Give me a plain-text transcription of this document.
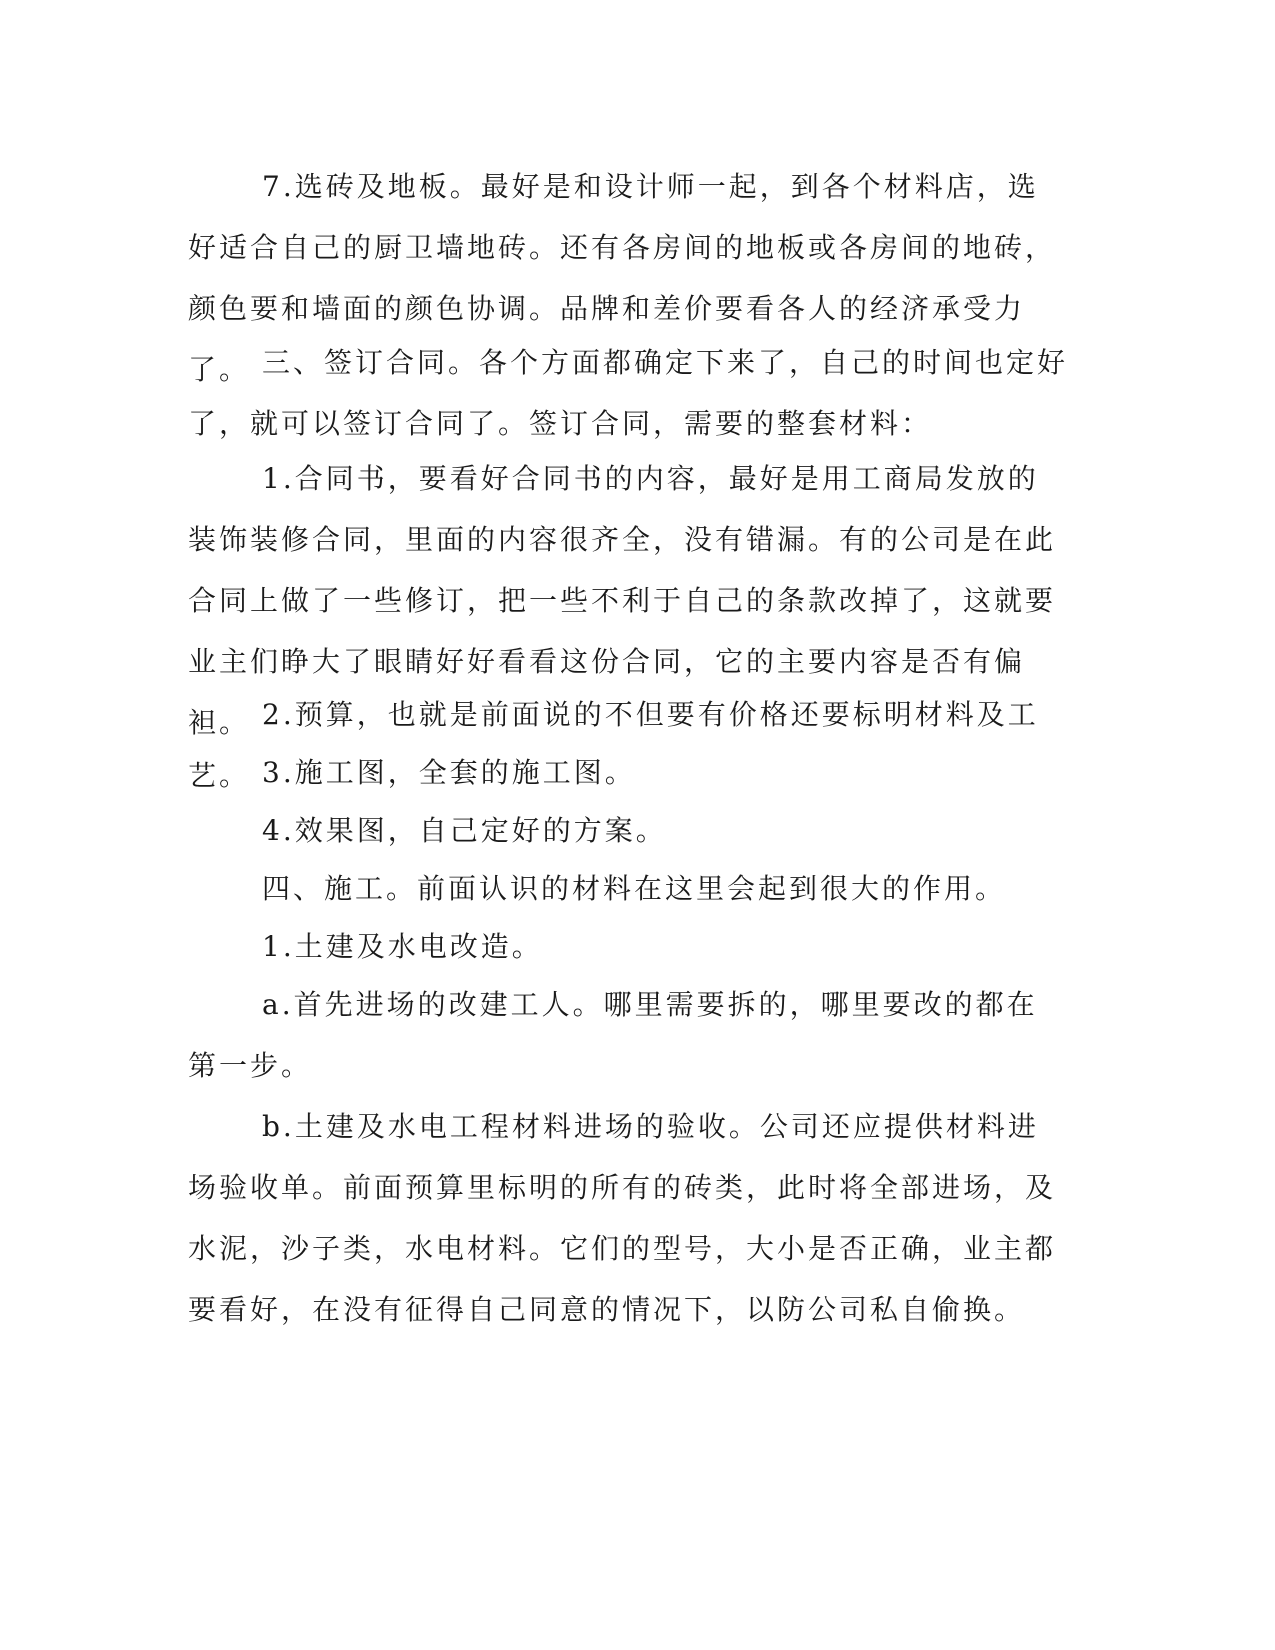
7.选砖及地板。最好是和设计师一起，到各个材料店，选好适合自己的厨卫墙地砖。还有各房间的地板或各房间的地砖，颜色要和墙面的颜色协调。品牌和差价要看各人的经济承受力了。 三、签订合同。各个方面都确定下来了，自己的时间也定好了，就可以签订合同了。签订合同，需要的整套材料：

1.合同书，要看好合同书的内容，最好是用工商局发放的装饰装修合同，里面的内容很齐全，没有错漏。有的公司是在此合同上做了一些修订，把一些不利于自己的条款改掉了，这就要业主们睁大了眼睛好好看看这份合同，它的主要内容是否有偏袒。 2.预算，也就是前面说的不但要有价格还要标明材料及工艺。 3.施工图，全套的施工图。

4.效果图，自己定好的方案。

四、施工。前面认识的材料在这里会起到很大的作用。

1.土建及水电改造。

a.首先进场的改建工人。哪里需要拆的，哪里要改的都在第一步。

b.土建及水电工程材料进场的验收。公司还应提供材料进场验收单。前面预算里标明的所有的砖类，此时将全部进场，及水泥，沙子类，水电材料。它们的型号，大小是否正确，业主都要看好，在没有征得自己同意的情况下，以防公司私自偷换。
